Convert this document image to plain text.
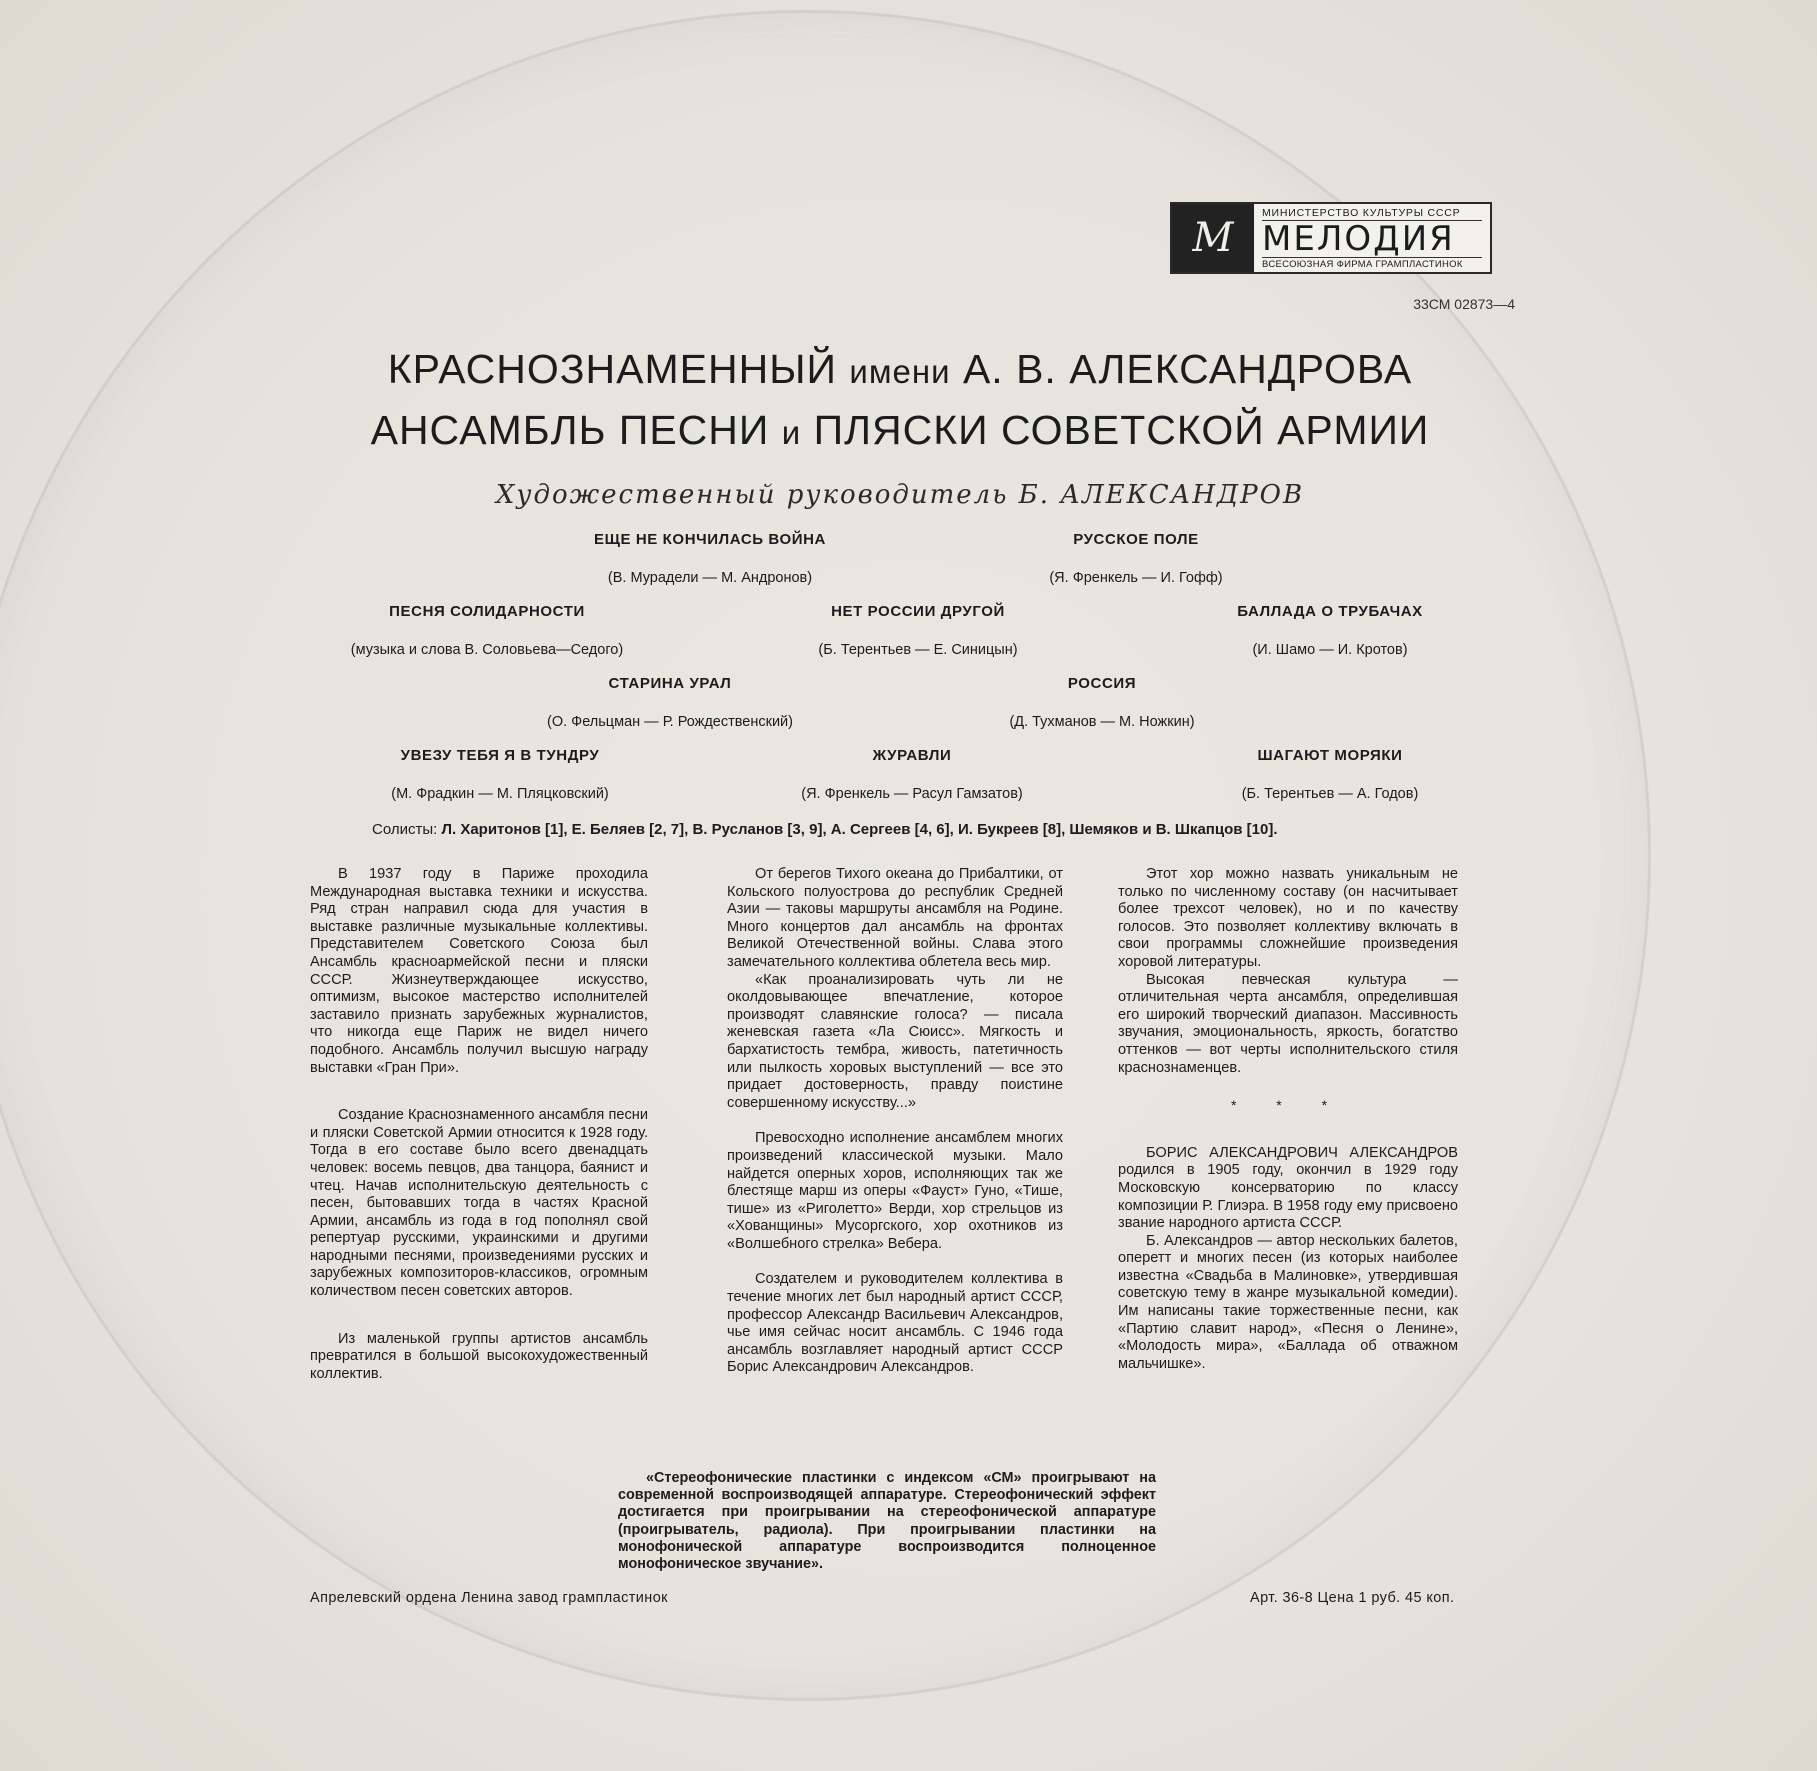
М
МИНИСТЕРСТВО КУЛЬТУРЫ СССР
МЕЛОДИЯ
ВСЕСОЮЗНАЯ ФИРМА ГРАМПЛАСТИНОК
33СМ 02873—4
КРАСНОЗНАМЕННЫЙ имени А. В. АЛЕКСАНДРОВА
АНСАМБЛЬ ПЕСНИ и ПЛЯСКИ СОВЕТСКОЙ АРМИИ
Художественный руководитель Б. АЛЕКСАНДРОВ
ЕЩЕ НЕ КОНЧИЛАСЬ ВОЙНА
(В. Мурадели — М. Андронов)
РУССКОЕ ПОЛЕ
(Я. Френкель — И. Гофф)
ПЕСНЯ СОЛИДАРНОСТИ
(музыка и слова В. Соловьева—Седого)
НЕТ РОССИИ ДРУГОЙ
(Б. Терентьев — Е. Синицын)
БАЛЛАДА О ТРУБАЧАХ
(И. Шамо — И. Кротов)
СТАРИНА УРАЛ
(О. Фельцман — Р. Рождественский)
РОССИЯ
(Д. Тухманов — М. Ножкин)
УВЕЗУ ТЕБЯ Я В ТУНДРУ
(М. Фрадкин — М. Пляцковский)
ЖУРАВЛИ
(Я. Френкель — Расул Гамзатов)
ШАГАЮТ МОРЯКИ
(Б. Терентьев — А. Годов)
Солисты: Л. Харитонов [1], Е. Беляев [2, 7], В. Русланов [3, 9], А. Сергеев [4, 6], И. Букреев [8], Шемяков и В. Шкапцов [10].

В 1937 году в Париже проходила Международная выставка техники и искусства. Ряд стран направил сюда для участия в выставке различные музыкальные коллективы. Представителем Советского Союза был Ансамбль красноармейской песни и пляски СССР. Жизнеутверждающее искусство, оптимизм, высокое мастерство исполнителей заставило признать зарубежных журналистов, что никогда еще Париж не видел ничего подобного. Ансамбль получил высшую награду выставки «Гран При».

Создание Краснознаменного ансамбля песни и пляски Советской Армии относится к 1928 году. Тогда в его составе было всего двенадцать человек: восемь певцов, два танцора, баянист и чтец. Начав исполнительскую деятельность с песен, бытовавших тогда в частях Красной Армии, ансамбль из года в год пополнял свой репертуар русскими, украинскими и другими народными песнями, произведениями русских и зарубежных композиторов-классиков, огромным количеством песен советских авторов.

Из маленькой группы артистов ансамбль превратился в большой высокохудожественный коллектив.

От берегов Тихого океана до Прибалтики, от Кольского полуострова до республик Средней Азии — таковы маршруты ансамбля на Родине. Много концертов дал ансамбль на фронтах Великой Отечественной войны. Слава этого замечательного коллектива облетела весь мир.

«Как проанализировать чуть ли не околдовывающее впечатление, которое производят славянские голоса? — писала женевская газета «Ла Сюисс». Мягкость и бархатистость тембра, живость, патетичность или пылкость хоровых выступлений — все это придает достоверность, правду поистине совершенному искусству...»

Превосходно исполнение ансамблем многих произведений классической музыки. Мало найдется оперных хоров, исполняющих так же блестяще марш из оперы «Фауст» Гуно, «Тише, тише» из «Риголетто» Верди, хор стрельцов из «Хованщины» Мусоргского, хор охотников из «Волшебного стрелка» Вебера.

Создателем и руководителем коллектива в течение многих лет был народный артист СССР, профессор Александр Васильевич Александров, чье имя сейчас носит ансамбль. С 1946 года ансамбль возглавляет народный артист СССР Борис Александрович Александров.

Этот хор можно назвать уникальным не только по численному составу (он насчитывает более трехсот человек), но и по качеству голосов. Это позволяет коллективу включать в свои программы сложнейшие произведения хоровой литературы.

Высокая певческая культура — отличительная черта ансамбля, определившая его широкий творческий диапазон. Массивность звучания, эмоциональность, яркость, богатство оттенков — вот черты исполнительского стиля краснознаменцев.

* * *

БОРИС АЛЕКСАНДРОВИЧ АЛЕКСАНДРОВ родился в 1905 году, окончил в 1929 году Московскую консерваторию по классу композиции Р. Глиэра. В 1958 году ему присвоено звание народного артиста СССР.

Б. Александров — автор нескольких балетов, оперетт и многих песен (из которых наиболее известна «Свадьба в Малиновке», утвердившая советскую тему в жанре музыкальной комедии). Им написаны такие торжественные песни, как «Партию славит народ», «Песня о Ленине», «Молодость мира», «Баллада об отважном мальчишке».

«Стереофонические пластинки с индексом «СМ» проигрывают на современной воспроизводящей аппаратуре. Стереофонический эффект достигается при проигрывании на стереофонической аппаратуре (проигрыватель, радиола). При проигрывании пластинки на монофонической аппаратуре воспроизводится полноценное монофоническое звучание».

Апрелевский ордена Ленина завод грампластинок	Арт. 36-8 Цена 1 руб. 45 коп.
